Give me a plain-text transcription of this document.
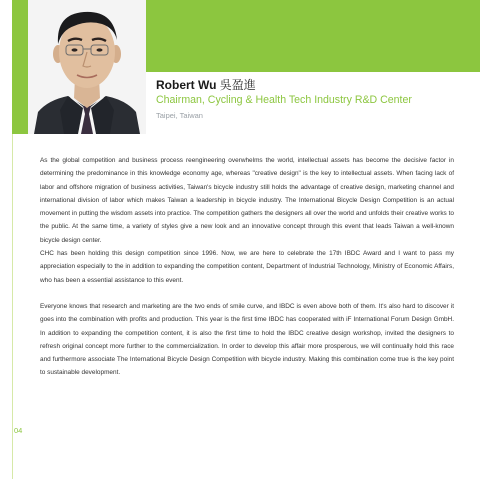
Robert Wu 吳盈進

Chairman, Cycling & Health Tech Industry R&D Center

Taipei, Taiwan

As the global competition and business process reengineering overwhelms the world, intellectual assets has become the decisive factor in determining the predominance in this knowledge economy age, whereas "creative design" is the key to intellectual assets. When facing lack of labor and offshore migration of business activities, Taiwan's bicycle industry still holds the advantage of creative design, marketing channel and international division of labor which makes Taiwan a leadership in bicycle industry. The International Bicycle Design Competition is an actual movement in putting the wisdom assets into practice. The competition gathers the designers all over the world and unfolds their creative works to the public. At the same time, a variety of styles give a new look and an innovative concept through this event that leads Taiwan a well-known bicycle design center.

CHC has been holding this design competition since 1996. Now, we are here to celebrate the 17th IBDC Award and I want to pass my appreciation especially to the in addition to expanding the competition content, Department of Industrial Technology, Ministry of Economic Affairs, who has been a essential assistance to this event.

Everyone knows that research and marketing are the two ends of smile curve, and IBDC is even above both of them. It's also hard to discover it goes into the combination with profits and production. This year is the first time IBDC has cooperated with iF International Forum Design GmbH. In addition to expanding the competition content, it is also the first time to hold the IBDC creative design workshop, invited the designers to refresh original concept more further to the commercialization. In order to develop this affair more prosperous, we will continually hold this race and furthermore associate The International Bicycle Design Competition with bicycle industry. Making this combination come true is the key point to sustainable development.

04
